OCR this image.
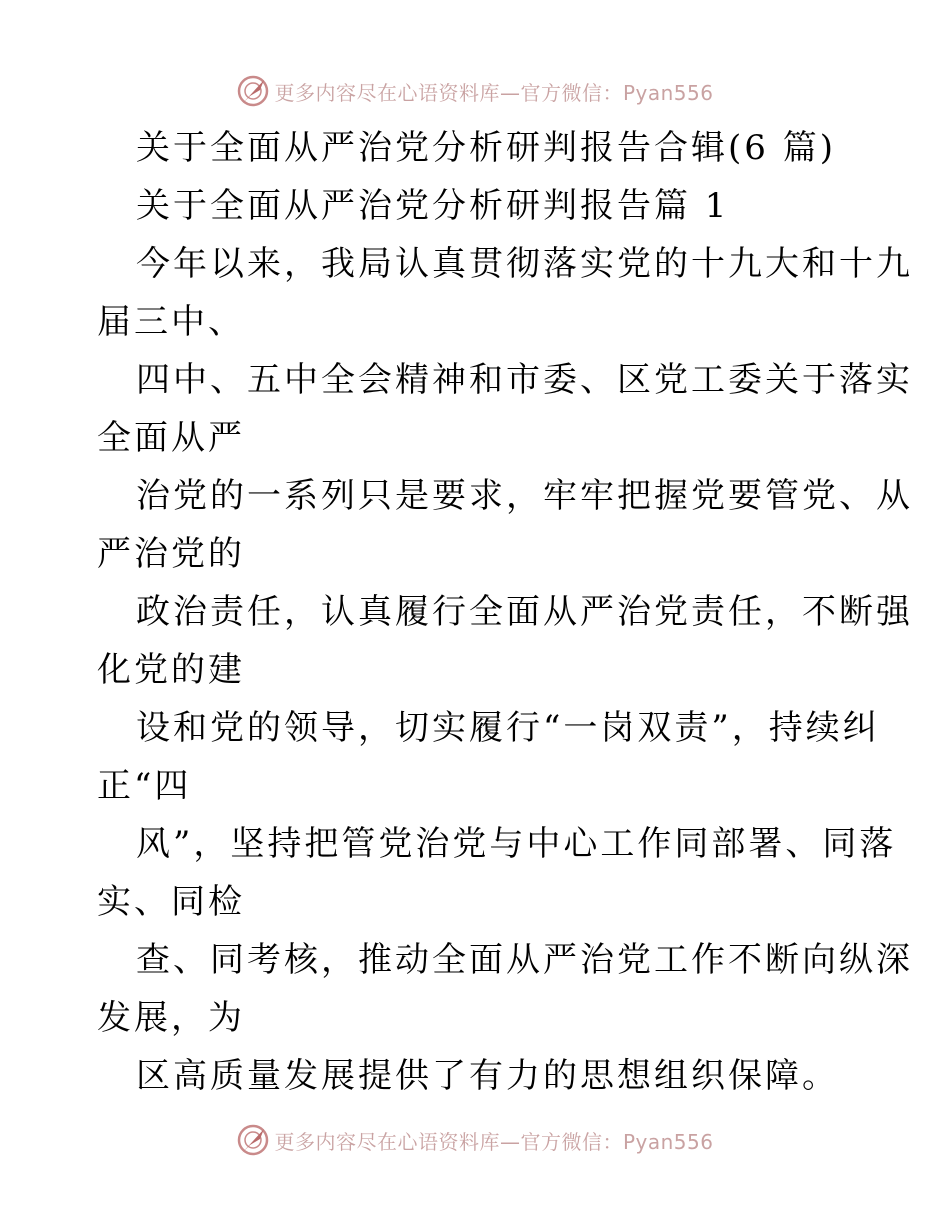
更多内容尽在心语资料库—官方微信：Pyan556
关于全面从严治党分析研判报告合辑(6 篇)
关于全面从严治党分析研判报告篇 1
今年以来，我局认真贯彻落实党的十九大和十九
届三中、
四中、五中全会精神和市委、区党工委关于落实
全面从严
治党的一系列只是要求，牢牢把握党要管党、从
严治党的
政治责任，认真履行全面从严治党责任，不断强
化党的建
设和党的领导，切实履行“一岗双责”，持续纠
正“四
风”，坚持把管党治党与中心工作同部署、同落
实、同检
查、同考核，推动全面从严治党工作不断向纵深
发展，为
区高质量发展提供了有力的思想组织保障。
更多内容尽在心语资料库—官方微信：Pyan556
